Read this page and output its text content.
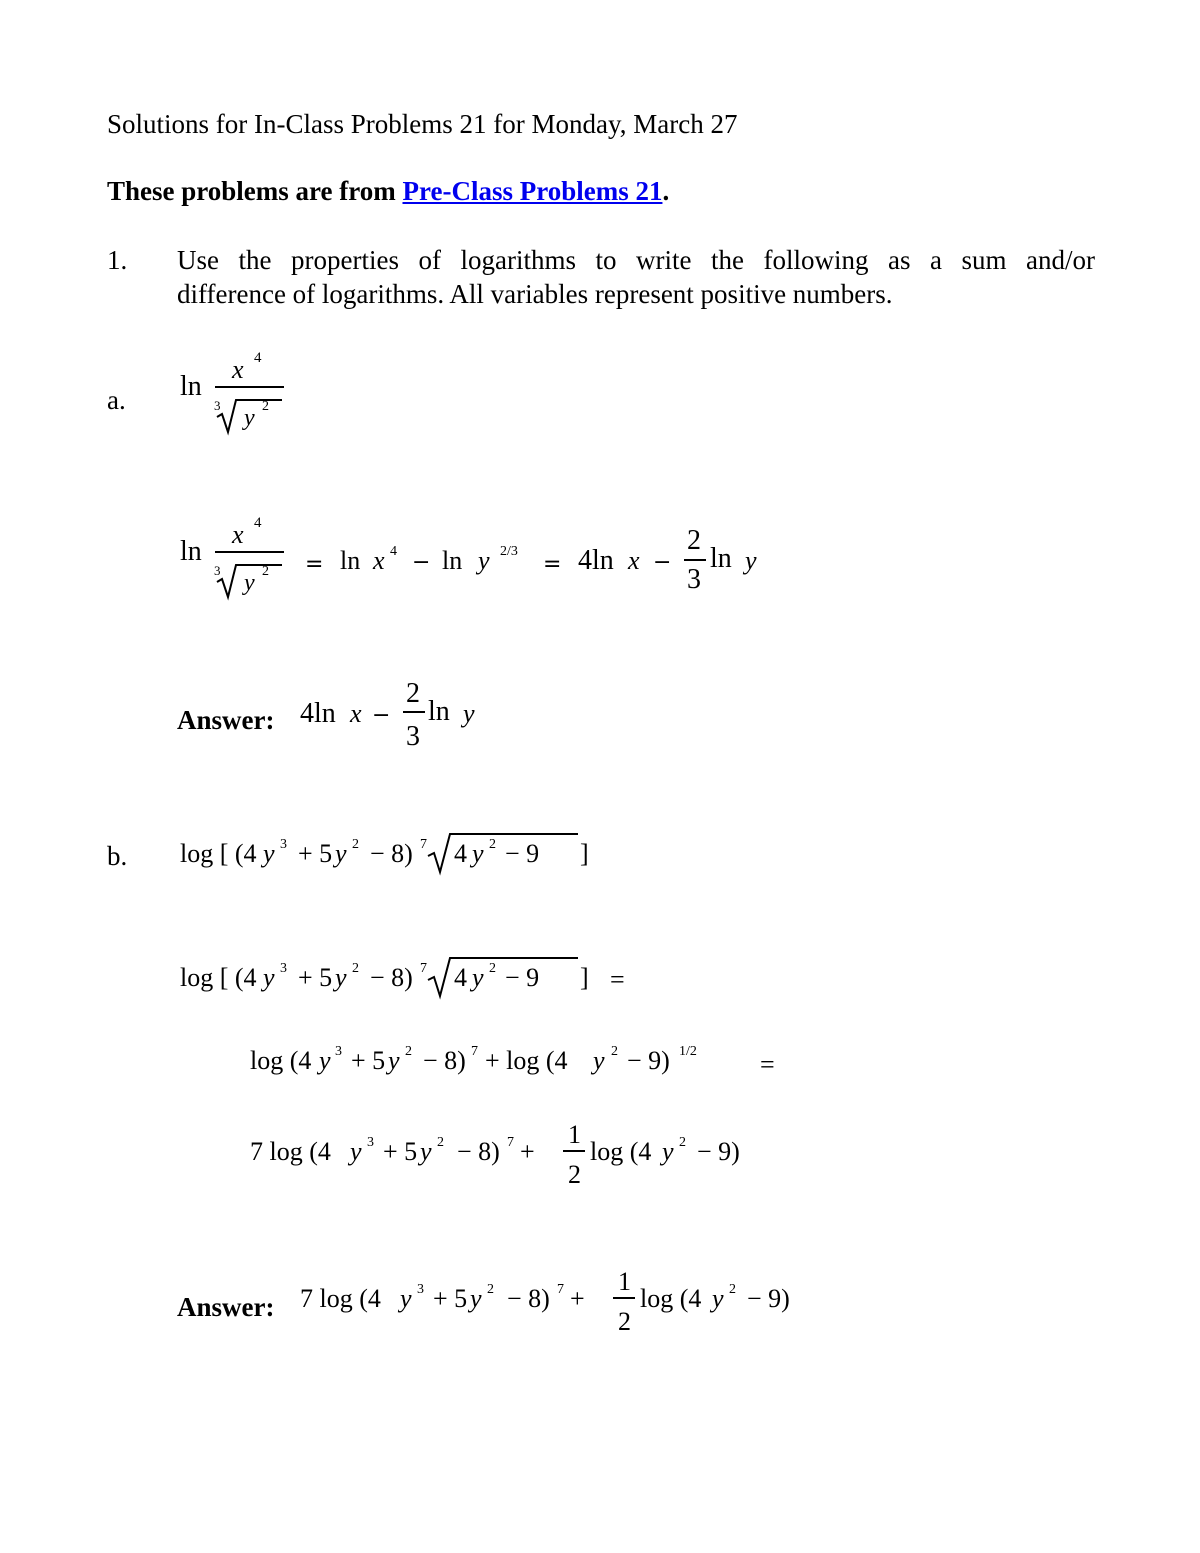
Solutions for In-Class Problems 21 for Monday, March 27
These problems are from Pre-Class Problems 21.
1. Use the properties of logarithms to write the following as a sum and/or
difference of logarithms. All variables represent positive numbers.
a. ln
x 4
3 y 2
ln
x 4
3 y 2 = ln x 4 − ln y 2/3
= 4ln x −
2
3
ln y
Answer: 4ln x −
2
3
ln y
b. log [ (4 y 3 + 5 y 2 − 8) 7 4 y 2 − 9 ]
log [ (4 y 3 + 5 y 2 − 8) 7 4 y 2 − 9 ] =
log (4 y 3 + 5 y 2 − 8) 7 + log (4 y 2 − 9) 1/2 =
7 log (4 y 3 + 5 y 2 − 8) 7 +
1
2
log (4 y 2 − 9)
Answer: 7 log (4 y 3 + 5 y 2 − 8) 7 +
1
2
log (4 y 2 − 9)
